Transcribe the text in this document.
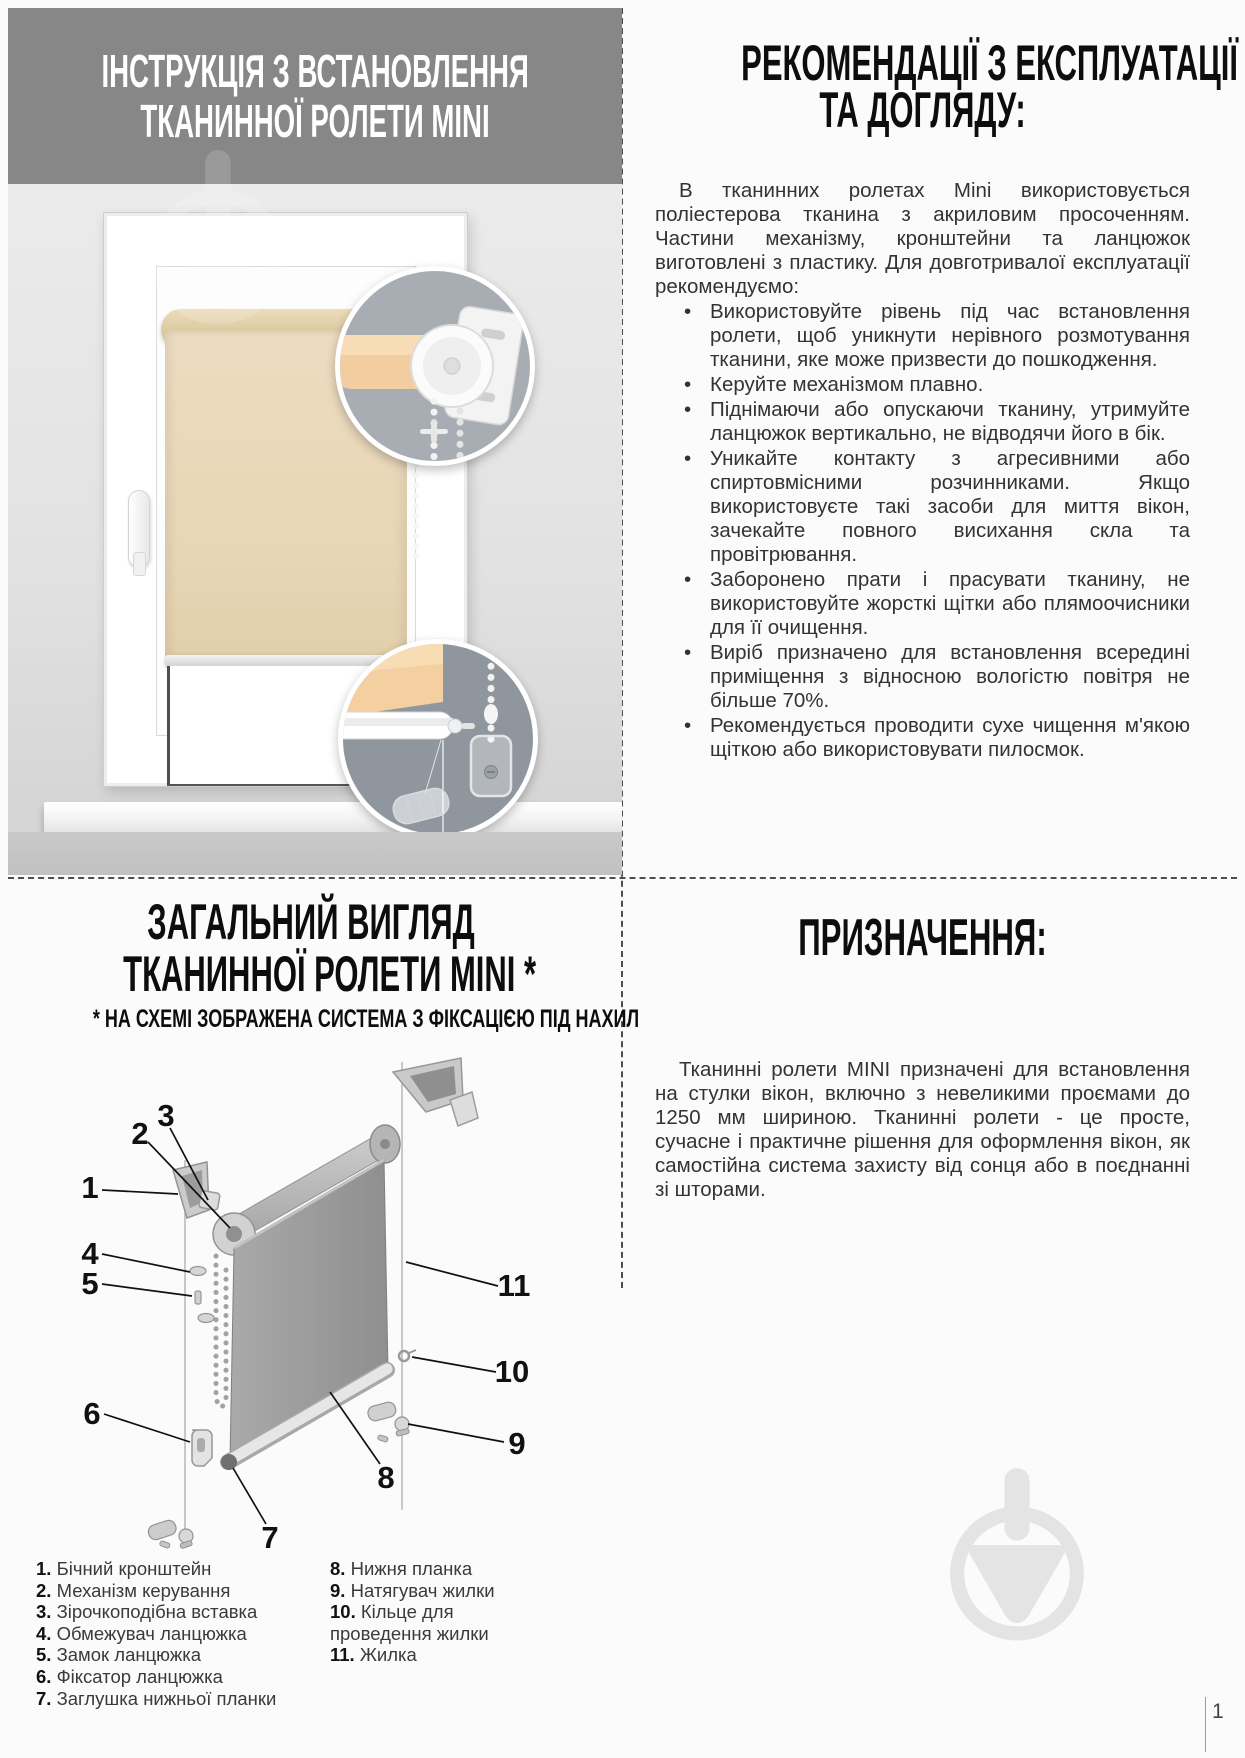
ІНСТРУКЦІЯ З ВСТАНОВЛЕННЯ
ТКАНИННОЇ РОЛЕТИ MINI
РЕКОМЕНДАЦІЇ З ЕКСПЛУАТАЦІЇ
ТА ДОГЛЯДУ:

В тканинних ролетах Mini використовується поліестерова тканина з акриловим просоченням. Частини механізму, кронштейни та ланцюжок виготовлені з пластику. Для довготривалої експлуатації рекомендуємо:

• Використовуйте рівень під час встановлення ролети, щоб уникнути нерівного розмотування тканини, яке може призвести до пошкодження.
• Керуйте механізмом плавно.
• Піднімаючи або опускаючи тканину, утримуйте ланцюжок вертикально, не відводячи його в бік.
• Уникайте контакту з агресивними або спиртовмісними розчинниками. Якщо використовуєте такі засоби для миття вікон, зачекайте повного висихання скла та провітрювання.
• Заборонено прати і прасувати тканину, не використовуйте жорсткі щітки або плямоочисники для її очищення.
• Виріб призначено для встановлення всередині приміщення з відносною вологістю повітря не більше 70%.
• Рекомендується проводити сухе чищення м'якою щіткою або використовувати пилосмок.
ЗАГАЛЬНИЙ ВИГЛЯД
ТКАНИННОЇ РОЛЕТИ MINI *
* НА СХЕМІ ЗОБРАЖЕНА СИСТЕМА З ФІКСАЦІЄЮ ПІД НАХИЛ
1
2
3
4
5
6
7
8
9
10
11
1. Бічний кронштейн
2. Механізм керування
3. Зірочкоподібна вставка
4. Обмежувач ланцюжка
5. Замок ланцюжка
6. Фіксатор ланцюжка
7. Заглушка нижньої планки
8. Нижня планка
9. Натягувач жилки
10. Кільце для проведення жилки
11. Жилка
ПРИЗНАЧЕННЯ:

Тканинні ролети MINI призначені для встановлення на стулки вікон, включно з невеликими проємами до 1250 мм шириною. Тканинні ролети - це просте, сучасне і практичне рішення для оформлення вікон, як самостійна система захисту від сонця або в поєднанні зі шторами.

1
